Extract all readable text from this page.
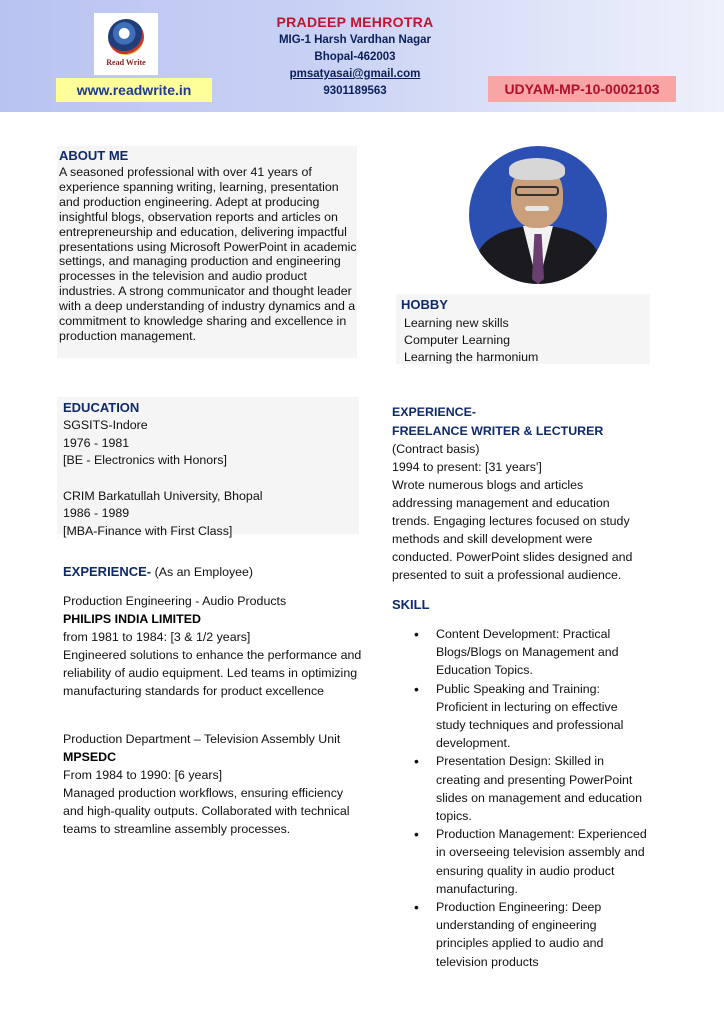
Read Write
www.readwrite.in
PRADEEP MEHROTRA
MIG-1 Harsh Vardhan Nagar
Bhopal-462003
pmsatyasai@gmail.com
9301189563	UDYAM-MP-10-0002103
ABOUT ME
A seasoned professional with over 41 years of experience spanning writing, learning, presentation and production engineering. Adept at producing insightful blogs, observation reports and articles on entrepreneurship and education, delivering impactful presentations using Microsoft PowerPoint in academic settings, and managing production and engineering processes in the television and audio product industries. A strong communicator and thought leader with a deep understanding of industry dynamics and a commitment to knowledge sharing and excellence in production management.
HOBBY
Learning new skills
Computer Learning
Learning the harmonium
EDUCATION
SGSITS-Indore
1976 - 1981
[BE - Electronics with Honors]
CRIM Barkatullah University, Bhopal
1986 - 1989
[MBA-Finance with First Class]
EXPERIENCE- (As an Employee)
Production Engineering - Audio Products
PHILIPS INDIA LIMITED
from 1981 to 1984: [3 & 1/2 years]
Engineered solutions to enhance the performance and reliability of audio equipment. Led teams in optimizing manufacturing standards for product excellence
Production Department – Television Assembly Unit
MPSEDC
From 1984 to 1990: [6 years]
Managed production workflows, ensuring efficiency and high-quality outputs. Collaborated with technical teams to streamline assembly processes.
EXPERIENCE-
FREELANCE WRITER & LECTURER
(Contract basis)
1994 to present: [31 years']
Wrote numerous blogs and articles addressing management and education trends. Engaging lectures focused on study methods and skill development were conducted. PowerPoint slides designed and presented to suit a professional audience.
SKILL
• Content Development: Practical Blogs/Blogs on Management and Education Topics.
• Public Speaking and Training: Proficient in lecturing on effective study techniques and professional development.
• Presentation Design: Skilled in creating and presenting PowerPoint slides on management and education topics.
• Production Management: Experienced in overseeing television assembly and ensuring quality in audio product manufacturing.
• Production Engineering: Deep understanding of engineering principles applied to audio and television products
